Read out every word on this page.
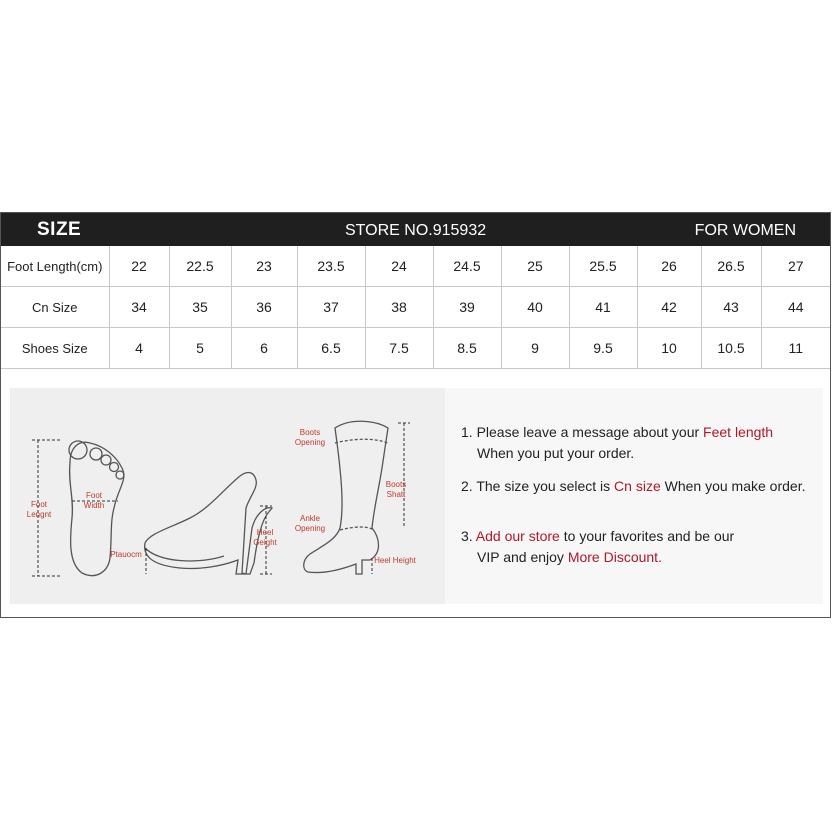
SIZE	STORE NO.915932	FOR WOMEN
Foot Length(cm)	22	22.5	23	23.5	24	24.5	25	25.5	26	26.5	27
Cn Size	34	35	36	37	38	39	40	41	42	43	44
Shoes Size	4	5	6	6.5	7.5	8.5	9	9.5	10	10.5	11
Foot
Lengnt
Foot
Width
Ptauocm
Heel
Geight
Boots
Opening
Boots
Shatt
Ankle
Opening
Heel Height
1. Please leave a message about your Feet length
When you put your order.
2. The size you select is Cn size When you make order.
3. Add our store to your favorites and be our
VIP and enjoy More Discount.
